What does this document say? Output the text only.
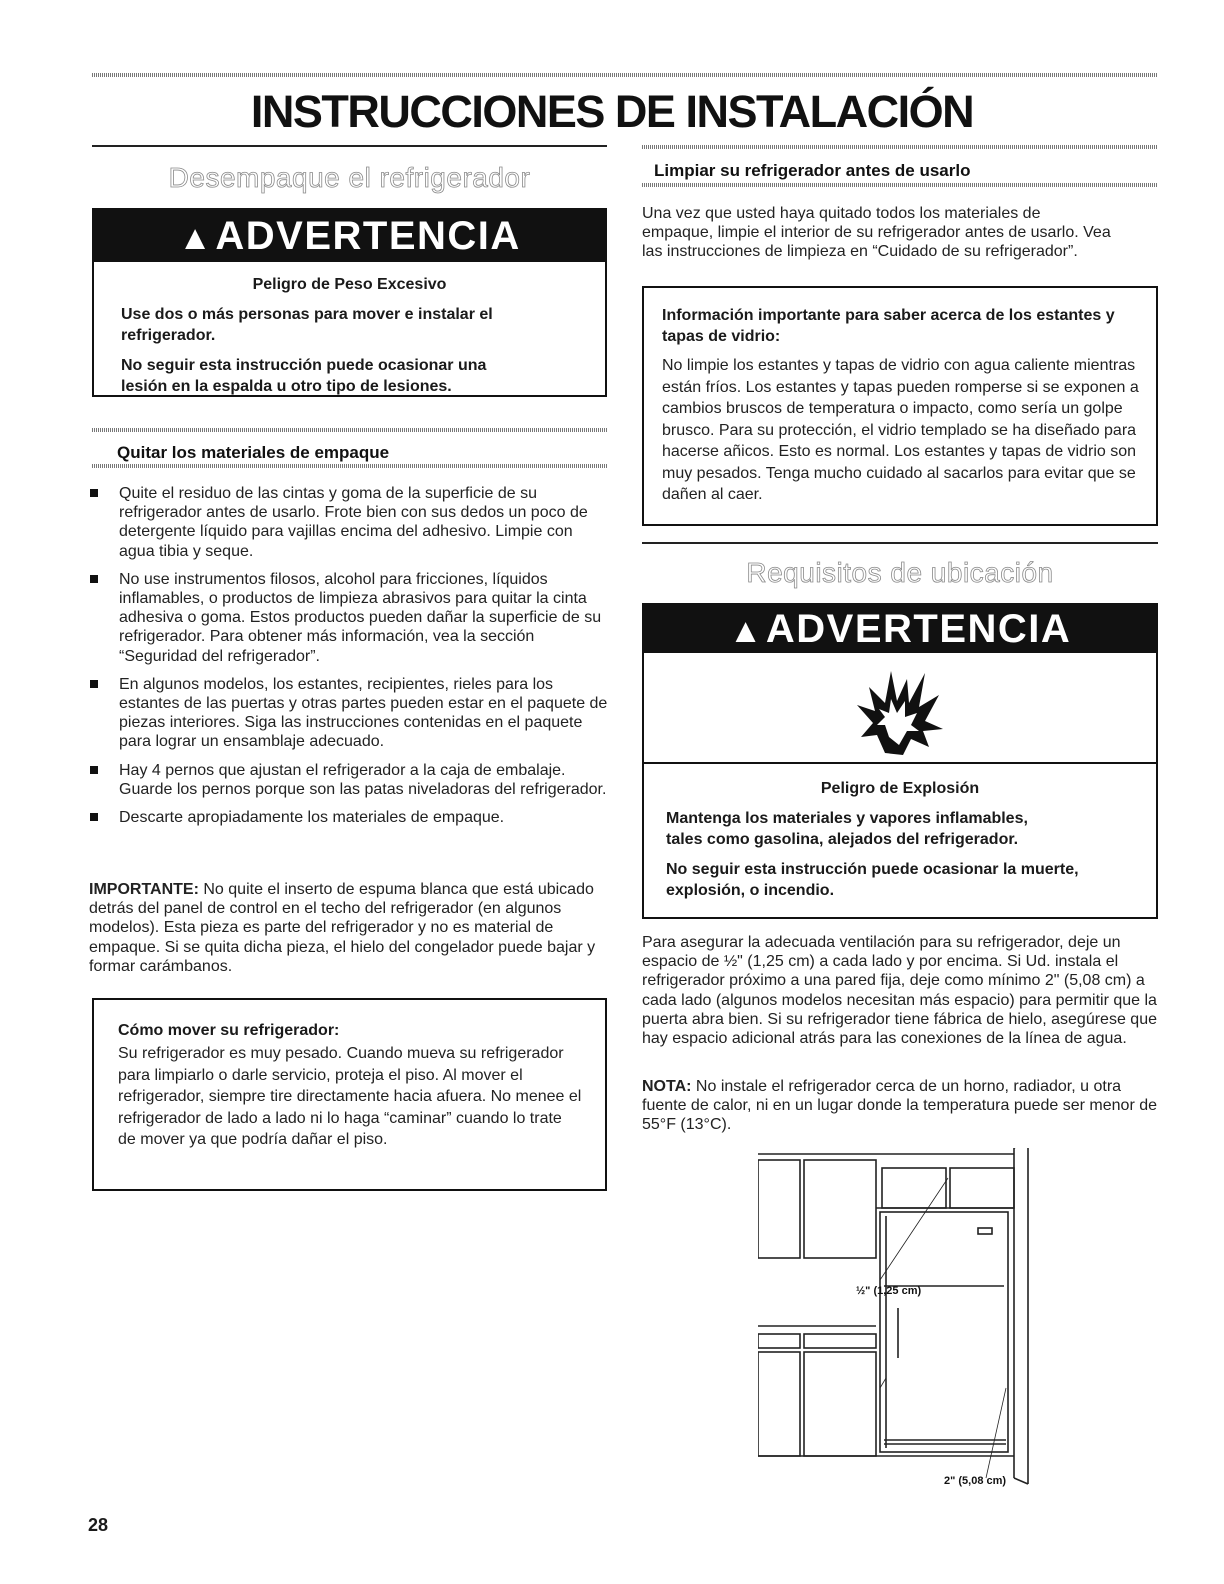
INSTRUCCIONES DE INSTALACIÓN
Desempaque el refrigerador
▲ADVERTENCIA
Peligro de Peso Excesivo
Use dos o más personas para mover e instalar el refrigerador.
No seguir esta instrucción puede ocasionar una lesión en la espalda u otro tipo de lesiones.
Quitar los materiales de empaque
Quite el residuo de las cintas y goma de la superficie de su refrigerador antes de usarlo. Frote bien con sus dedos un poco de detergente líquido para vajillas encima del adhesivo. Limpie con agua tibia y seque.
No use instrumentos filosos, alcohol para fricciones, líquidos inflamables, o productos de limpieza abrasivos para quitar la cinta adhesiva o goma. Estos productos pueden dañar la superficie de su refrigerador. Para obtener más información, vea la sección “Seguridad del refrigerador”.
En algunos modelos, los estantes, recipientes, rieles para los estantes de las puertas y otras partes pueden estar en el paquete de piezas interiores. Siga las instrucciones contenidas en el paquete para lograr un ensamblaje adecuado.
Hay 4 pernos que ajustan el refrigerador a la caja de embalaje. Guarde los pernos porque son las patas niveladoras del refrigerador.
Descarte apropiadamente los materiales de empaque.
IMPORTANTE: No quite el inserto de espuma blanca que está ubicado detrás del panel de control en el techo del refrigerador (en algunos modelos). Esta pieza es parte del refrigerador y no es material de empaque. Si se quita dicha pieza, el hielo del congelador puede bajar y formar carámbanos.
Cómo mover su refrigerador:
Su refrigerador es muy pesado. Cuando mueva su refrigerador para limpiarlo o darle servicio, proteja el piso. Al mover el refrigerador, siempre tire directamente hacia afuera. No menee el refrigerador de lado a lado ni lo haga “caminar” cuando lo trate de mover ya que podría dañar el piso.
Limpiar su refrigerador antes de usarlo
Una vez que usted haya quitado todos los materiales de empaque, limpie el interior de su refrigerador antes de usarlo. Vea las instrucciones de limpieza en “Cuidado de su refrigerador”.
Información importante para saber acerca de los estantes y tapas de vidrio:
No limpie los estantes y tapas de vidrio con agua caliente mientras están fríos. Los estantes y tapas pueden romperse si se exponen a cambios bruscos de temperatura o impacto, como sería un golpe brusco. Para su protección, el vidrio templado se ha diseñado para hacerse añicos. Esto es normal. Los estantes y tapas de vidrio son muy pesados. Tenga mucho cuidado al sacarlos para evitar que se dañen al caer.
Requisitos de ubicación
▲ADVERTENCIA
Peligro de Explosión
Mantenga los materiales y vapores inflamables, tales como gasolina, alejados del refrigerador.
No seguir esta instrucción puede ocasionar la muerte, explosión, o incendio.
Para asegurar la adecuada ventilación para su refrigerador, deje un espacio de ½" (1,25 cm) a cada lado y por encima. Si Ud. instala el refrigerador próximo a una pared fija, deje como mínimo 2" (5,08 cm) a cada lado (algunos modelos necesitan más espacio) para permitir que la puerta abra bien. Si su refrigerador tiene fábrica de hielo, asegúrese que hay espacio adicional atrás para las conexiones de la línea de agua.
NOTA: No instale el refrigerador cerca de un horno, radiador, u otra fuente de calor, ni en un lugar donde la temperatura puede ser menor de 55°F (13°C).
½" (1,25 cm)
2" (5,08 cm)
28
